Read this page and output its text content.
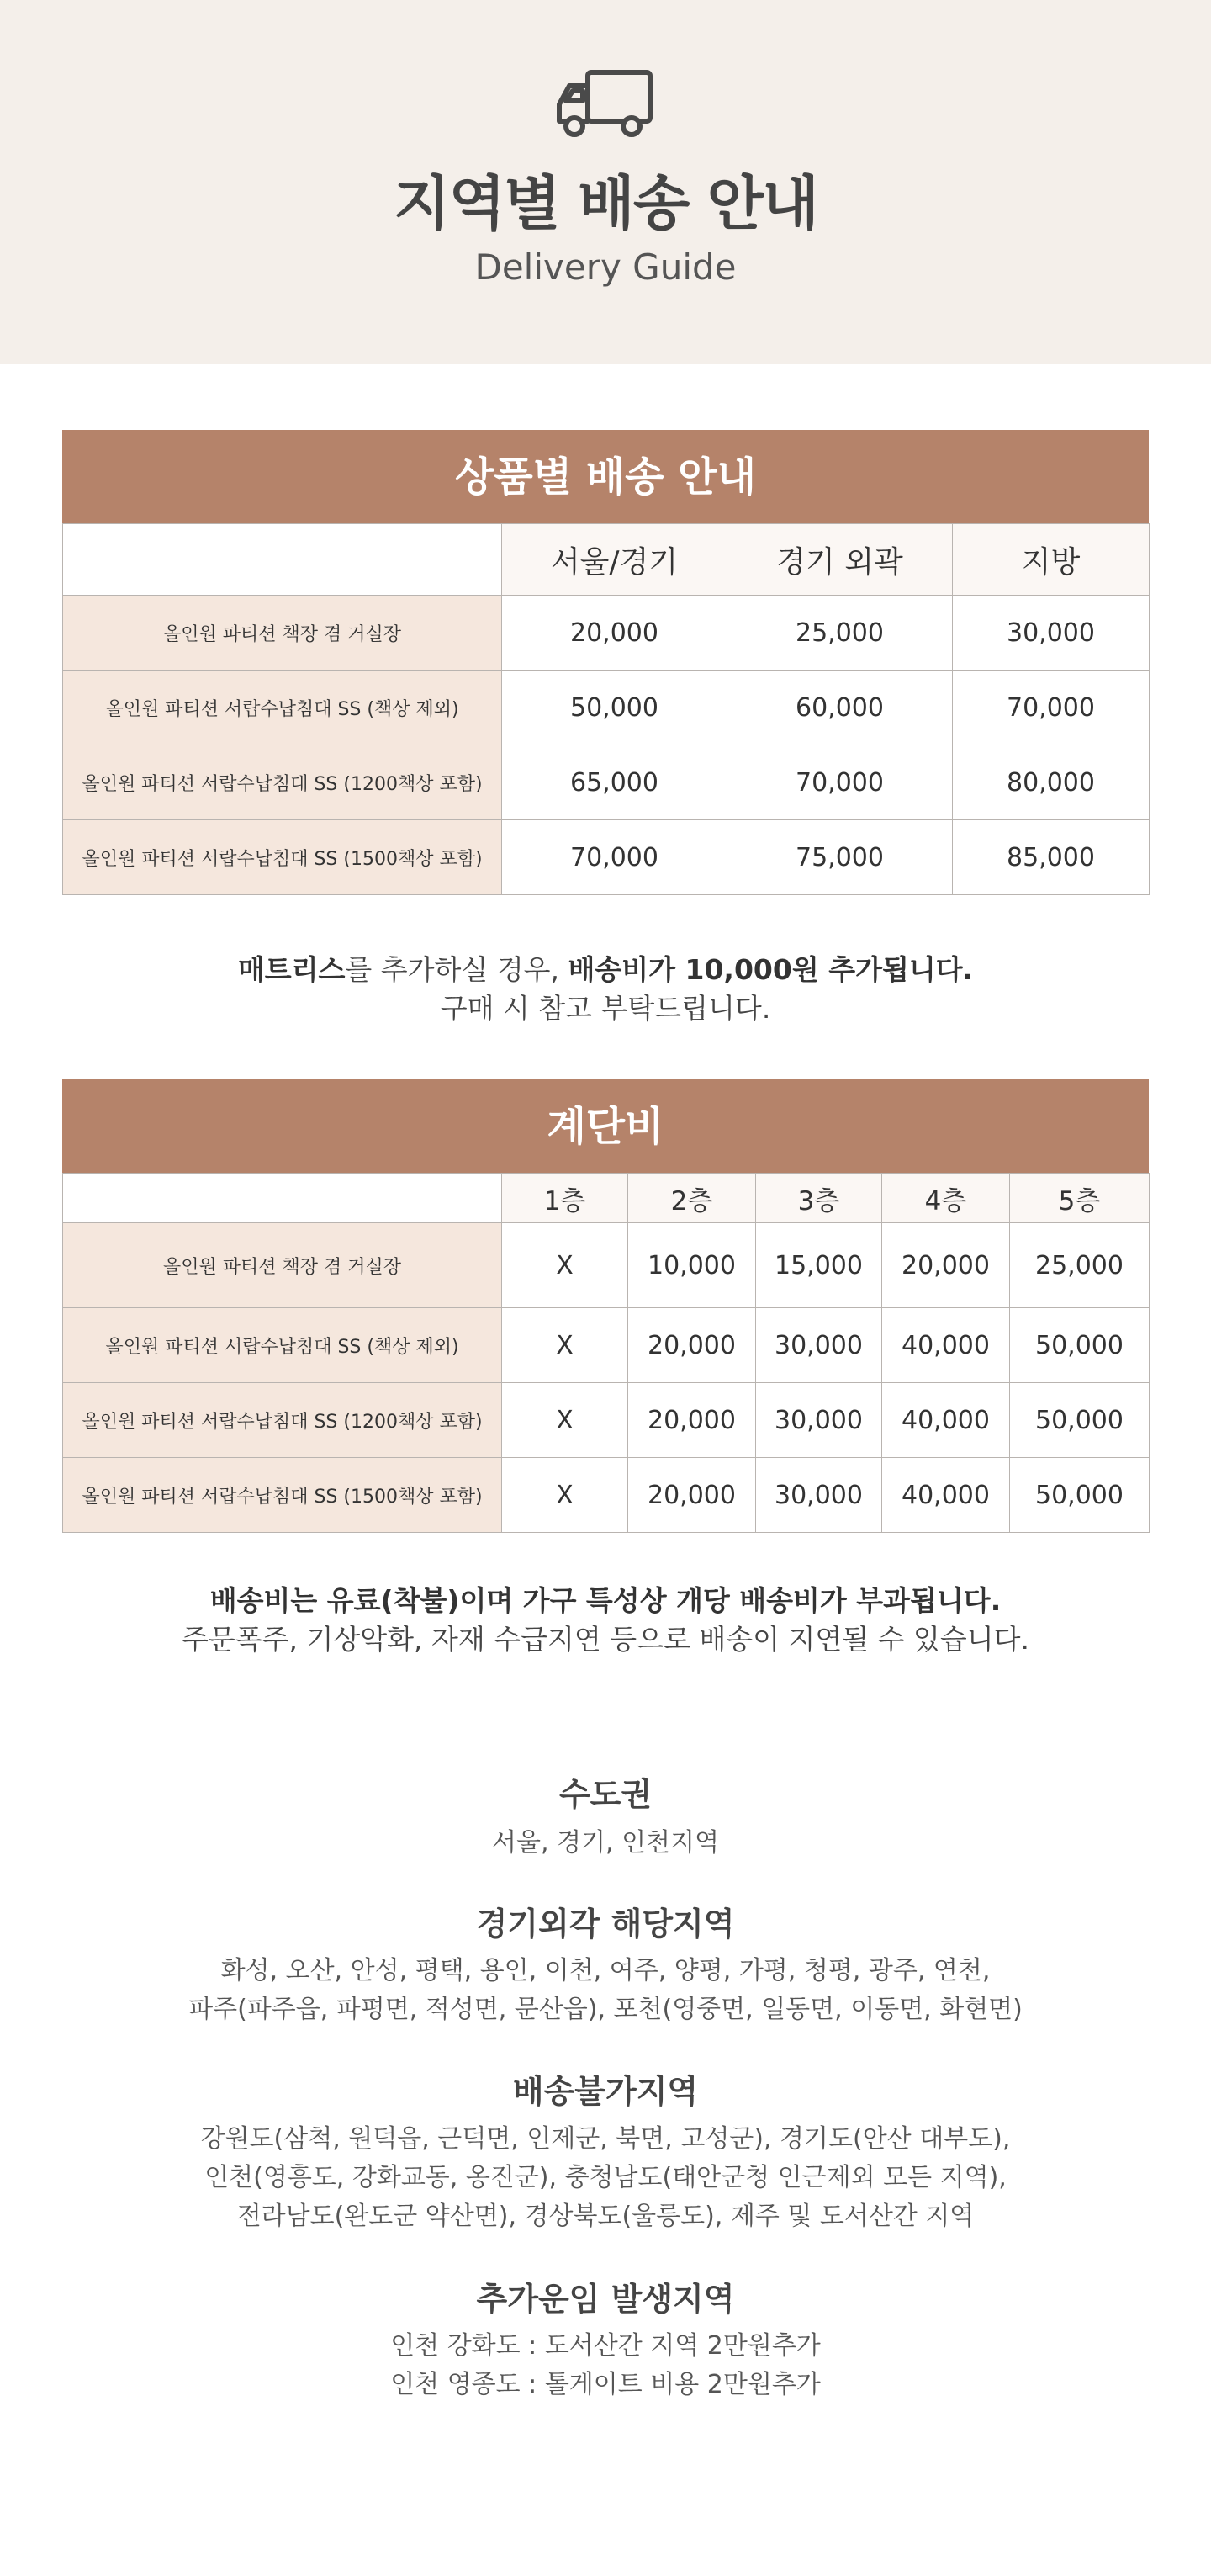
지역별 배송 안내
Delivery Guide
상품별 배송 안내
	서울/경기	경기 외곽	지방
올인원 파티션 책장 겸 거실장	20,000	25,000	30,000
올인원 파티션 서랍수납침대 SS (책상 제외)	50,000	60,000	70,000
올인원 파티션 서랍수납침대 SS (1200책상 포함)	65,000	70,000	80,000
올인원 파티션 서랍수납침대 SS (1500책상 포함)	70,000	75,000	85,000
매트리스를 추가하실 경우, 배송비가 10,000원 추가됩니다.
구매 시 참고 부탁드립니다.
계단비
	1층	2층	3층	4층	5층
올인원 파티션 책장 겸 거실장	X	10,000	15,000	20,000	25,000
올인원 파티션 서랍수납침대 SS (책상 제외)	X	20,000	30,000	40,000	50,000
올인원 파티션 서랍수납침대 SS (1200책상 포함)	X	20,000	30,000	40,000	50,000
올인원 파티션 서랍수납침대 SS (1500책상 포함)	X	20,000	30,000	40,000	50,000
배송비는 유료(착불)이며 가구 특성상 개당 배송비가 부과됩니다.
주문폭주, 기상악화, 자재 수급지연 등으로 배송이 지연될 수 있습니다.
수도권
서울, 경기, 인천지역
경기외각 해당지역
화성, 오산, 안성, 평택, 용인, 이천, 여주, 양평, 가평, 청평, 광주, 연천,
파주(파주읍, 파평면, 적성면, 문산읍), 포천(영중면, 일동면, 이동면, 화현면)
배송불가지역
강원도(삼척, 원덕읍, 근덕면, 인제군, 북면, 고성군), 경기도(안산 대부도),
인천(영흥도, 강화교동, 옹진군), 충청남도(태안군청 인근제외 모든 지역),
전라남도(완도군 약산면), 경상북도(울릉도), 제주 및 도서산간 지역
추가운임 발생지역
인천 강화도 : 도서산간 지역 2만원추가
인천 영종도 : 톨게이트 비용 2만원추가
